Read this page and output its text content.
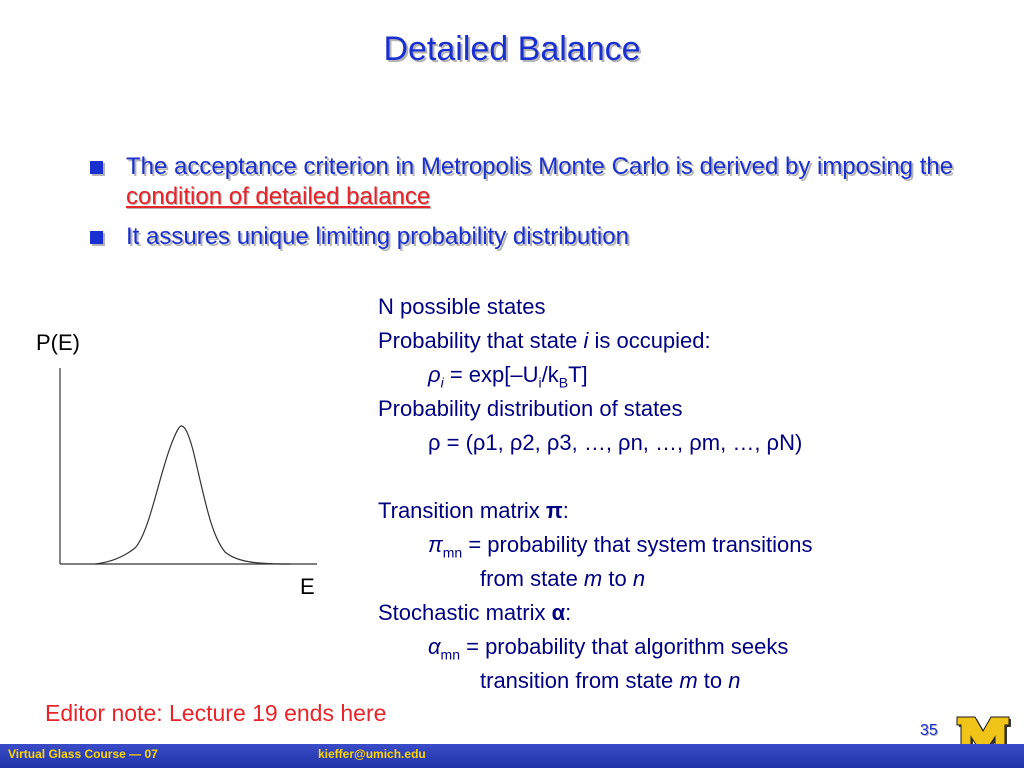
Detailed Balance
The acceptance criterion in Metropolis Monte Carlo is derived by imposing the condition of detailed balance
It assures unique limiting probability distribution
P(E)
E
N possible states
Probability that state i is occupied:
$\rho_i = \exp[-U_i/k_BT]$
Probability distribution of states
ρ = (ρ1, ρ2, ρ3, …, ρn, …, ρm, …, ρN)
Transition matrix π:
$\pi_{mn}$ = probability that system transitions
from state m to n
Stochastic matrix α:
$\alpha_{mn}$ = probability that algorithm seeks
transition from state m to n
Editor note: Lecture 19 ends here
35
Virtual Glass Course — 07	kieffer@umich.edu
